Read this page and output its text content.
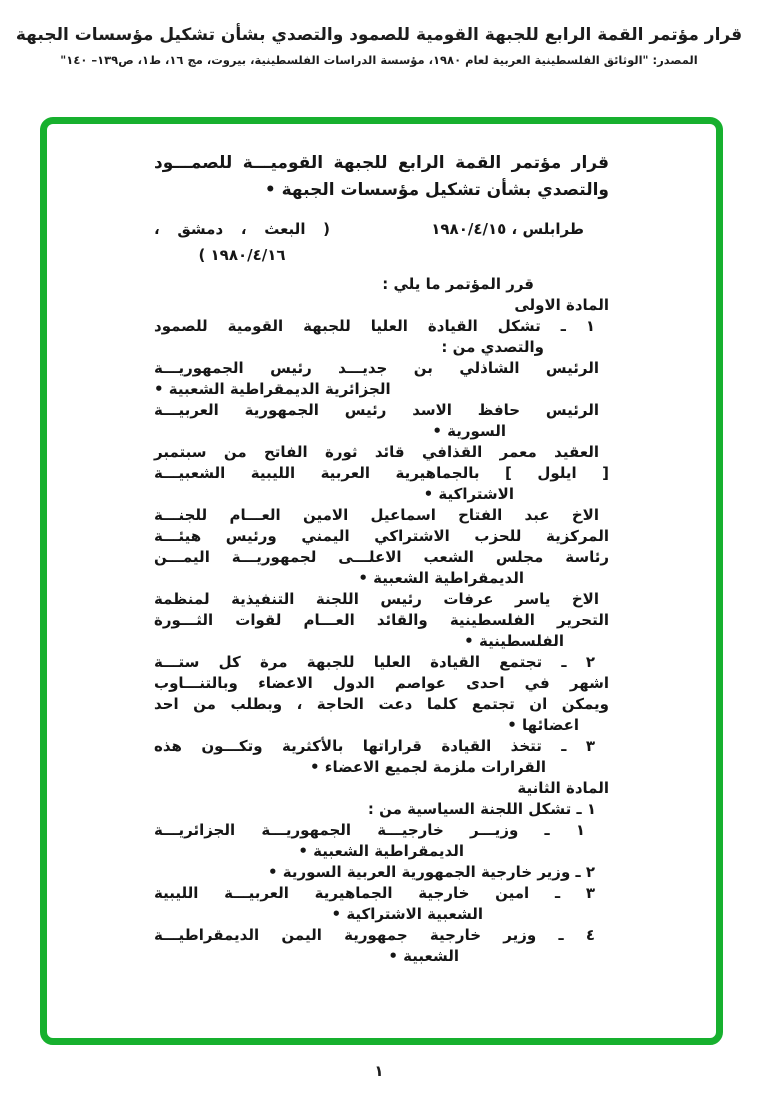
قرار مؤتمر القمة الرابع للجبهة القومية للصمود والتصدي بشأن تشكيل مؤسسات الجبهة
المصدر: "الوثائق الفلسطينية العربية لعام ١٩٨٠، مؤسسة الدراسات الفلسطينية، بيروت، مج ١٦، ط١، ص١٣٩– ١٤٠"
قرار مؤتمر القمة الرابع للجبهة القوميـــة للصمـــود
والتصدي بشأن تشكيل مؤسسات الجبهة •
طرابلس ، ١٩٨٠/٤/١٥
( البعث ، دمشق ،
١٩٨٠/٤/١٦ )
قرر المؤتمر ما يلي :
المادة الاولى
١ ـ تشكل القيادة العليا للجبهة القومية للصمود
والتصدي من :
الرئيس الشاذلي بن جديـــد رئيس الجمهوريـــة
الجزائرية الديمقراطية الشعبية •
الرئيس حافظ الاسد رئيس الجمهورية العربيـــة
السورية •
العقيد معمر القذافي قائد ثورة الفاتح من سبتمبر
[ ايلول ] بالجماهيرية العربية الليبية الشعبيـــة
الاشتراكية •
الاخ عبد الفتاح اسماعيل الامين العـــام للجنـــة
المركزية للحزب الاشتراكي اليمني ورئيس هيئـــة
رئاسة مجلس الشعب الاعلـــى لجمهوريـــة اليمـــن
الديمقراطية الشعبية •
الاخ ياسر عرفات رئيس اللجنة التنفيذية لمنظمة
التحرير الفلسطينية والقائد العـــام لقوات الثـــورة
الفلسطينية •
٢ ـ تجتمع القيادة العليا للجبهة مرة كل ستـــة
اشهر في احدى عواصم الدول الاعضاء وبالتنـــاوب
ويمكن ان تجتمع كلما دعت الحاجة ، وبطلب من احد
اعضائها •
٣ ـ تتخذ القيادة قراراتها بالأكثرية وتكـــون هذه
القرارات ملزمة لجميع الاعضاء •
المادة الثانية
١ ـ تشكل اللجنة السياسية من :
١ ـ وزيـــر خارجيـــة الجمهوريـــة الجزائريـــة
الديمقراطية الشعبية •
٢ ـ وزير خارجية الجمهورية العربية السورية •
٣ ـ امين خارجية الجماهيرية العربيـــة الليبية
الشعبية الاشتراكية •
٤ ـ وزير خارجية جمهورية اليمن الديمقراطيـــة
الشعبية •
١
